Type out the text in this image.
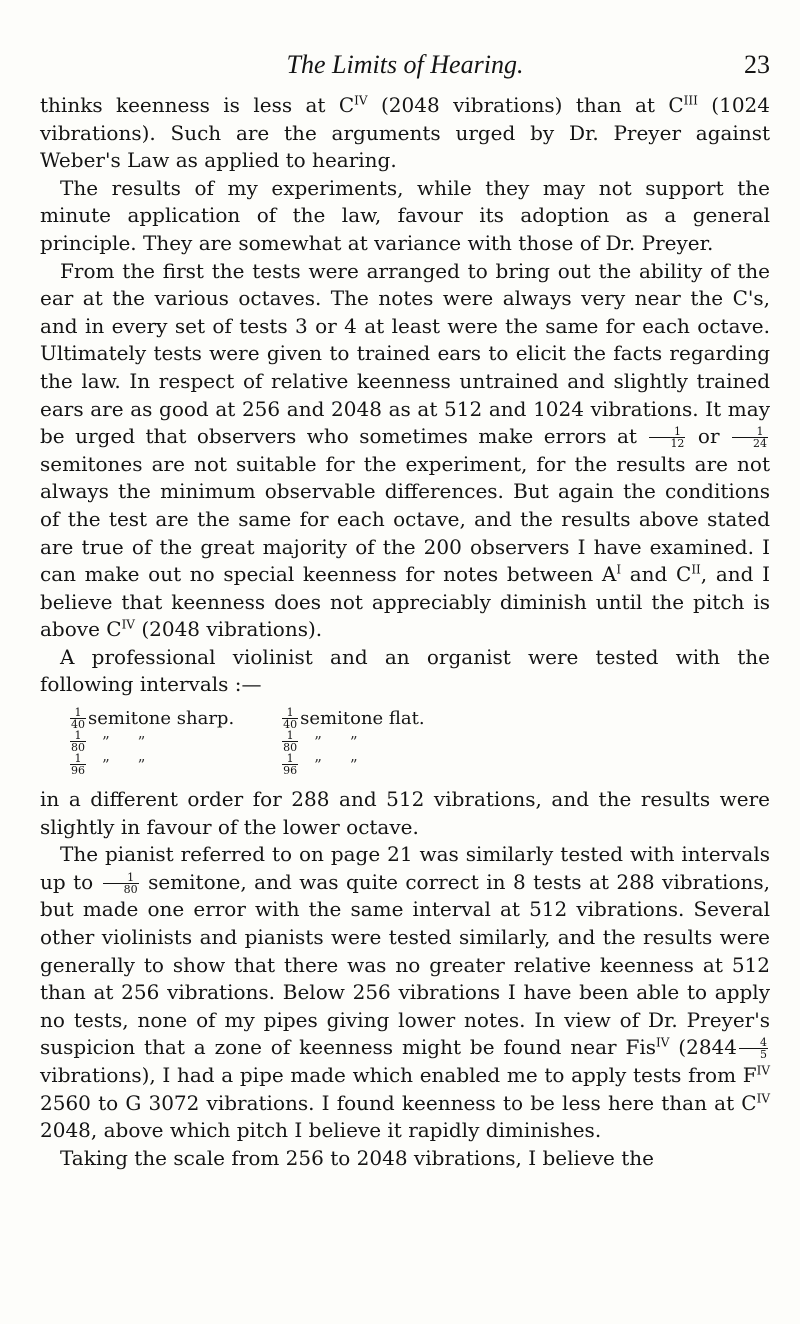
The Limits of Hearing.	23

thinks keenness is less at $C^{IV}$ (2048 vibrations) than at $C^{III}$ (1024 vibrations). Such are the arguments urged by Dr. Preyer against Weber's Law as applied to hearing.

The results of my experiments, while they may not support the minute application of the law, favour its adoption as a general principle. They are somewhat at variance with those of Dr. Preyer.

From the first the tests were arranged to bring out the ability of the ear at the various octaves. The notes were always very near the C's, and in every set of tests 3 or 4 at least were the same for each octave. Ultimately tests were given to trained ears to elicit the facts regarding the law. In respect of relative keenness untrained and slightly trained ears are as good at 256 and 2048 as at 512 and 1024 vibrations. It may be urged that observers who sometimes make errors at $\frac{1}{12}$ or $\frac{1}{24}$
semitones are not suitable for the experiment, for the results are not always the minimum observable differences. But again the conditions of the test are the same for each octave, and the results above stated are true of the great majority of the 200 observers I have examined. I can make out no special keenness for notes between $A^I$ and $C^{II}$, and I believe that keenness does not appreciably diminish until the pitch is above $C^{IV}$ (2048 vibrations).

A professional violinist and an organist were tested with the following intervals :—

$\frac{1}{40}$	semitone sharp.		$\frac{1}{40}$	semitone flat.

$\frac{1}{80}$	” ”		$\frac{1}{80}$	” ”

$\frac{1}{96}$	” ”		$\frac{1}{96}$	” ”

in a different order for 288 and 512 vibrations, and the results were slightly in favour of the lower octave.

The pianist referred to on page 21 was similarly tested with intervals up to $\frac{1}{80}$ semitone, and was quite correct in 8 tests at 288 vibrations, but made one error with the same interval at 512 vibrations. Several other violinists and pianists were tested similarly, and the results were generally to show that there was no greater relative keenness at 512 than at 256 vibrations. Below 256 vibrations I have been able to apply no tests, none of my pipes giving lower notes. In view of Dr. Preyer's suspicion that a zone of keenness might be found near Fis$^{IV}$ ($2844 \frac{4}{5}$
vibrations), I had a pipe made which enabled me to apply tests from $F^{IV}$ 2560 to G 3072 vibrations. I found keenness to be less here than at $C^{IV}$ 2048, above which pitch I believe it rapidly diminishes.

Taking the scale from 256 to 2048 vibrations, I believe the
